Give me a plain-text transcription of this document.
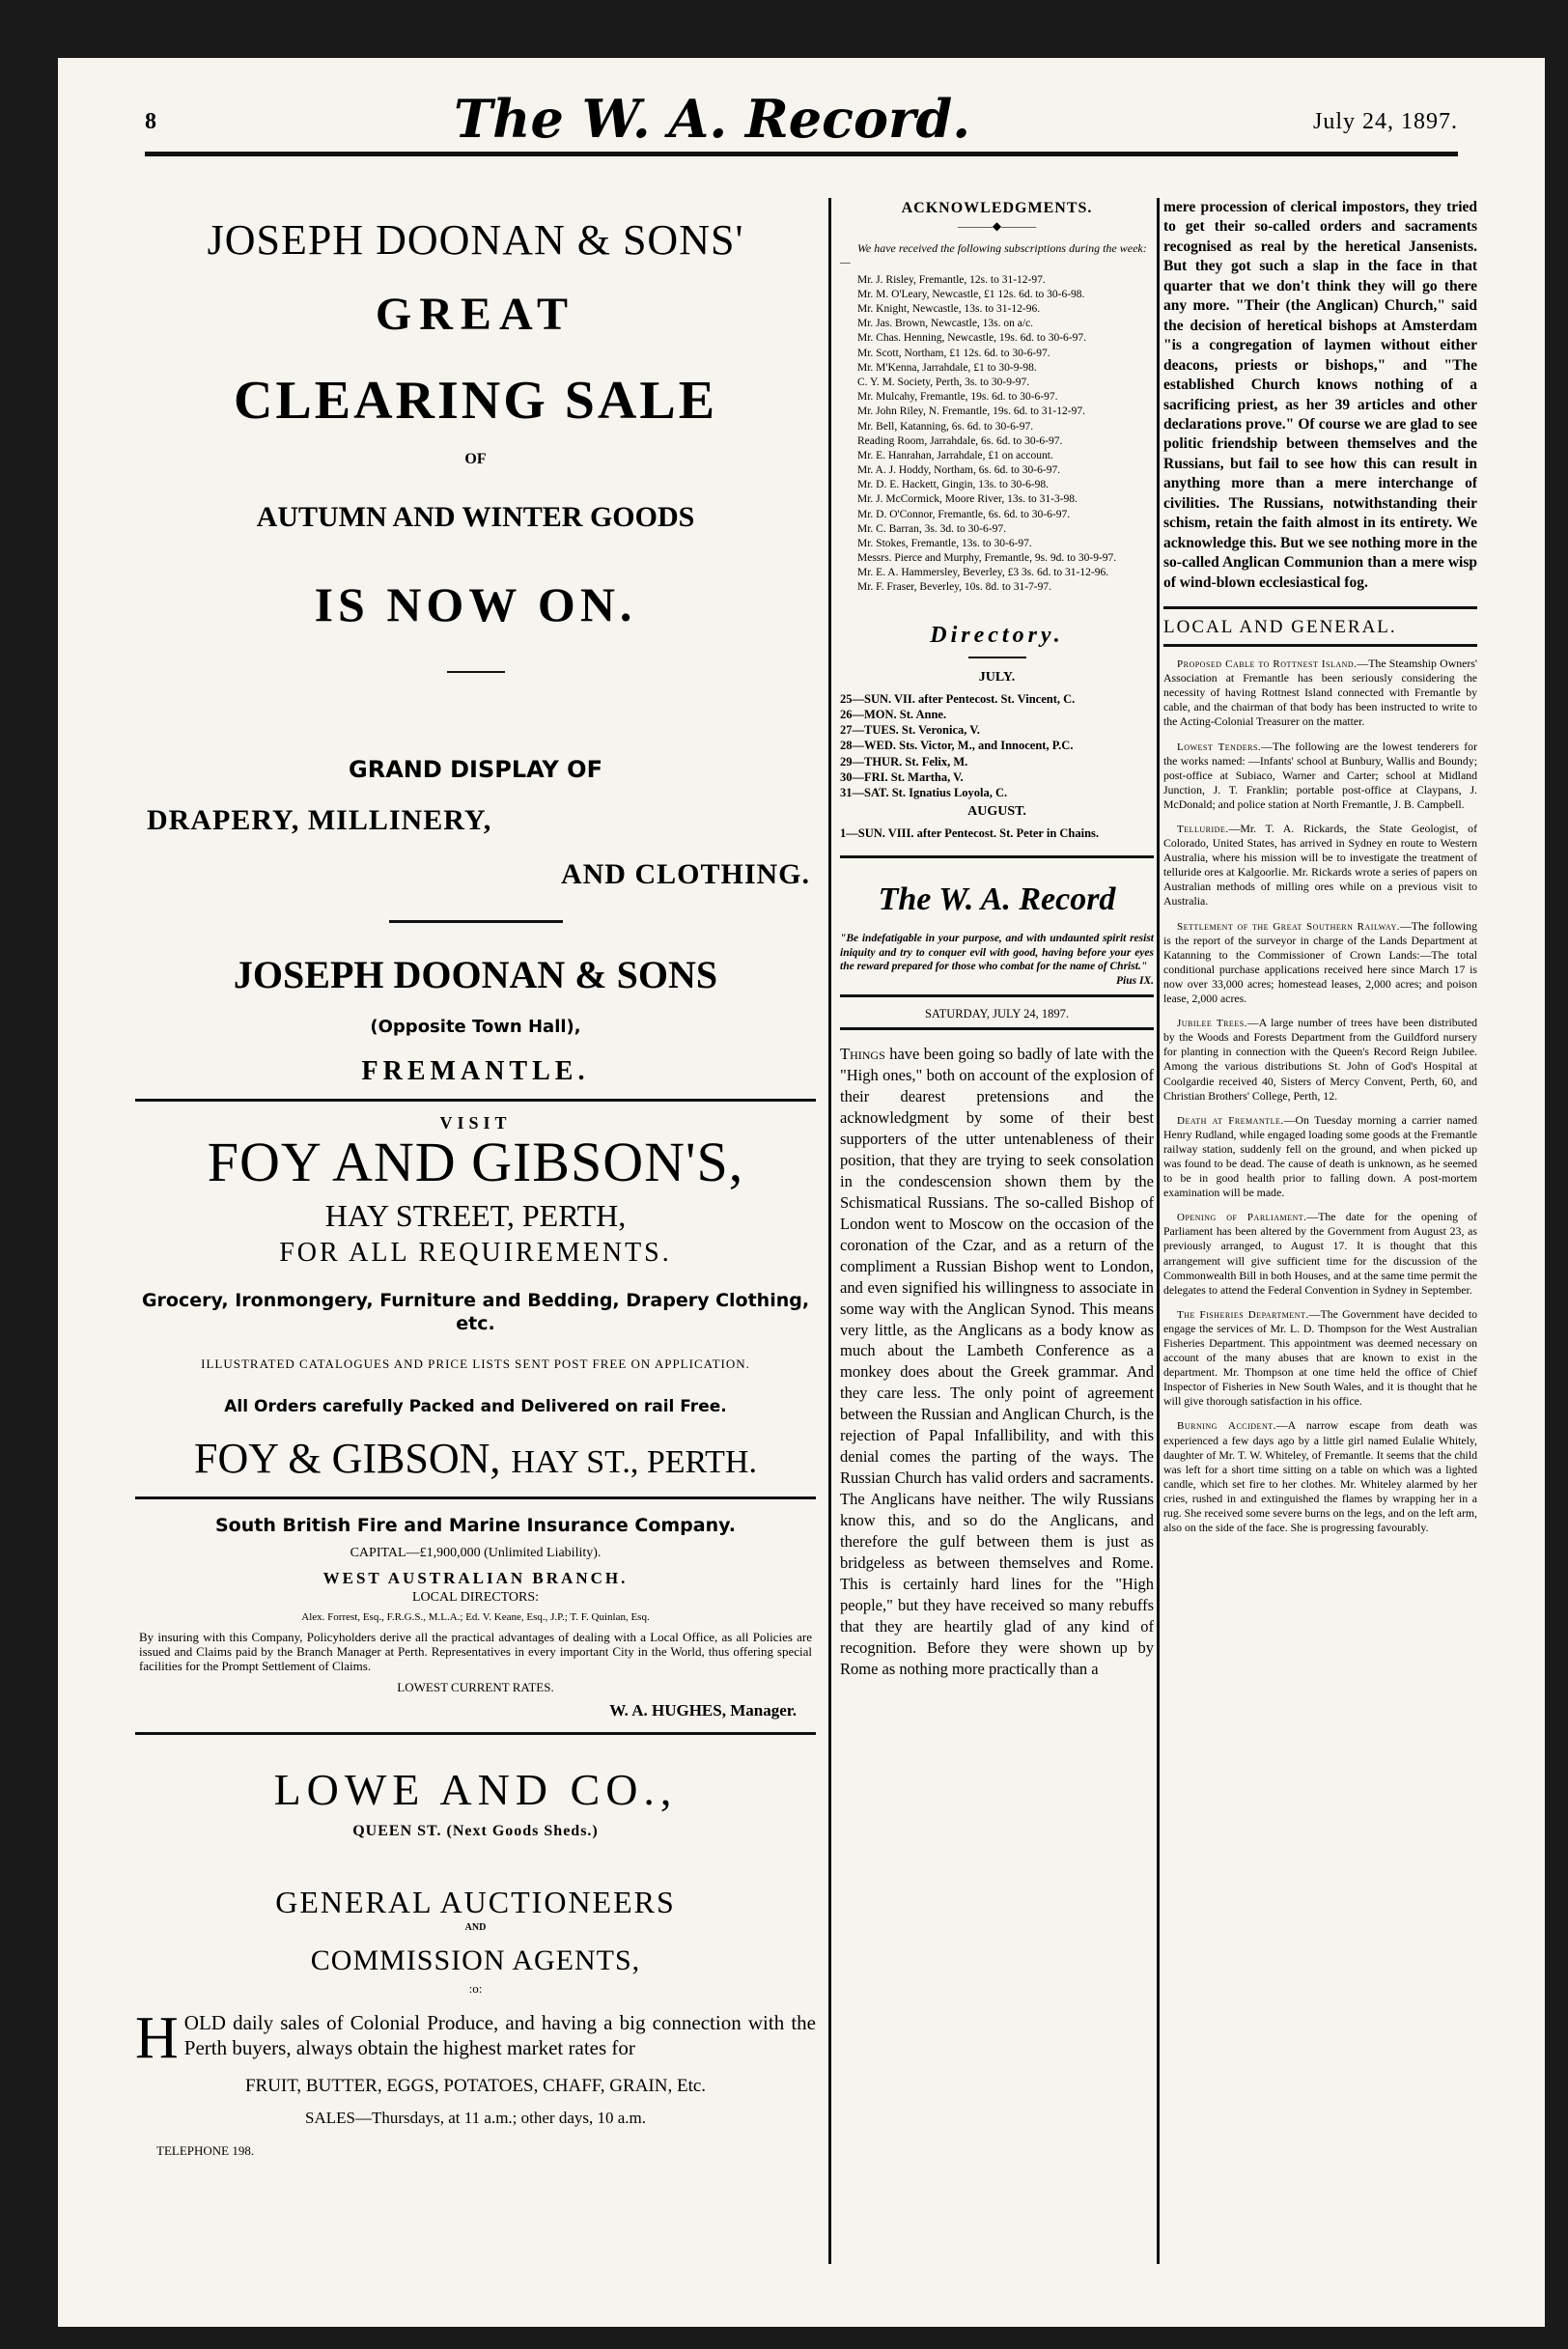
8	The W. A. Record.	July 24, 1897.
JOSEPH DOONAN & SONS'
GREAT
CLEARING SALE
OF
AUTUMN AND WINTER GOODS
IS NOW ON.
GRAND DISPLAY OF
DRAPERY, MILLINERY,
AND CLOTHING.
JOSEPH DOONAN & SONS
(Opposite Town Hall),
FREMANTLE.
VISIT
FOY AND GIBSON'S,
HAY STREET, PERTH,
FOR ALL REQUIREMENTS.
Grocery, Ironmongery, Furniture and Bedding, Drapery Clothing, etc.
ILLUSTRATED CATALOGUES AND PRICE LISTS SENT POST FREE ON APPLICATION.
All Orders carefully Packed and Delivered on rail Free.
FOY & GIBSON, HAY ST., PERTH.
South British Fire and Marine Insurance Company.
CAPITAL—£1,900,000 (Unlimited Liability).
WEST AUSTRALIAN BRANCH.
LOCAL DIRECTORS:
Alex. Forrest, Esq., F.R.G.S., M.L.A.; Ed. V. Keane, Esq., J.P.; T. F. Quinlan, Esq.
By insuring with this Company, Policyholders derive all the practical advantages of dealing with a Local Office, as all Policies are issued and Claims paid by the Branch Manager at Perth. Representatives in every important City in the World, thus offering special facilities for the Prompt Settlement of Claims.
LOWEST CURRENT RATES.
W. A. HUGHES, Manager.
LOWE AND CO.,
QUEEN ST. (Next Goods Sheds.)
GENERAL AUCTIONEERS
AND
COMMISSION AGENTS,
:o:
H OLD daily sales of Colonial Produce, and having a big connection with the Perth buyers, always obtain the highest market rates for
FRUIT, BUTTER, EGGS, POTATOES, CHAFF, GRAIN, Etc.
SALES—Thursdays, at 11 a.m.; other days, 10 a.m.
TELEPHONE 198.
ACKNOWLEDGMENTS.
———◆———
We have received the following subscriptions during the week:—
Mr. J. Risley, Fremantle, 12s. to 31-12-97.
Mr. M. O'Leary, Newcastle, £1 12s. 6d. to 30-6-98.
Mr. Knight, Newcastle, 13s. to 31-12-96.
Mr. Jas. Brown, Newcastle, 13s. on a/c.
Mr. Chas. Henning, Newcastle, 19s. 6d. to 30-6-97.
Mr. Scott, Northam, £1 12s. 6d. to 30-6-97.
Mr. M'Kenna, Jarrahdale, £1 to 30-9-98.
C. Y. M. Society, Perth, 3s. to 30-9-97.
Mr. Mulcahy, Fremantle, 19s. 6d. to 30-6-97.
Mr. John Riley, N. Fremantle, 19s. 6d. to 31-12-97.
Mr. Bell, Katanning, 6s. 6d. to 30-6-97.
Reading Room, Jarrahdale, 6s. 6d. to 30-6-97.
Mr. E. Hanrahan, Jarrahdale, £1 on account.
Mr. A. J. Hoddy, Northam, 6s. 6d. to 30-6-97.
Mr. D. E. Hackett, Gingin, 13s. to 30-6-98.
Mr. J. McCormick, Moore River, 13s. to 31-3-98.
Mr. D. O'Connor, Fremantle, 6s. 6d. to 30-6-97.
Mr. C. Barran, 3s. 3d. to 30-6-97.
Mr. Stokes, Fremantle, 13s. to 30-6-97.
Messrs. Pierce and Murphy, Fremantle, 9s. 9d. to 30-9-97.
Mr. E. A. Hammersley, Beverley, £3 3s. 6d. to 31-12-96.
Mr. F. Fraser, Beverley, 10s. 8d. to 31-7-97.
Directory.
JULY.
25—SUN. VII. after Pentecost. St. Vincent, C.
26—MON. St. Anne.
27—TUES. St. Veronica, V.
28—WED. Sts. Victor, M., and Innocent, P.C.
29—THUR. St. Felix, M.
30—FRI. St. Martha, V.
31—SAT. St. Ignatius Loyola, C.
AUGUST.
1—SUN. VIII. after Pentecost. St. Peter in Chains.
The W. A. Record
"Be indefatigable in your purpose, and with undaunted spirit resist iniquity and try to conquer evil with good, having before your eyes the reward prepared for those who combat for the name of Christ."
Pius IX.
SATURDAY, JULY 24, 1897.
Things have been going so badly of late with the "High ones," both on account of the explosion of their dearest pretensions and the acknowledgment by some of their best supporters of the utter untenableness of their position, that they are trying to seek consolation in the condescension shown them by the Schismatical Russians. The so-called Bishop of London went to Moscow on the occasion of the coronation of the Czar, and as a return of the compliment a Russian Bishop went to London, and even signified his willingness to associate in some way with the Anglican Synod. This means very little, as the Anglicans as a body know as much about the Lambeth Conference as a monkey does about the Greek grammar. And they care less. The only point of agreement between the Russian and Anglican Church, is the rejection of Papal Infallibility, and with this denial comes the parting of the ways. The Russian Church has valid orders and sacraments. The Anglicans have neither. The wily Russians know this, and so do the Anglicans, and therefore the gulf between them is just as bridgeless as between themselves and Rome. This is certainly hard lines for the "High people," but they have received so many rebuffs that they are heartily glad of any kind of recognition. Before they were shown up by Rome as nothing more practically than a
mere procession of clerical impostors, they tried to get their so-called orders and sacraments recognised as real by the heretical Jansenists. But they got such a slap in the face in that quarter that we don't think they will go there any more. "Their (the Anglican) Church," said the decision of heretical bishops at Amsterdam "is a congregation of laymen without either deacons, priests or bishops," and "The established Church knows nothing of a sacrificing priest, as her 39 articles and other declarations prove." Of course we are glad to see politic friendship between themselves and the Russians, but fail to see how this can result in anything more than a mere interchange of civilities. The Russians, notwithstanding their schism, retain the faith almost in its entirety. We acknowledge this. But we see nothing more in the so-called Anglican Communion than a mere wisp of wind-blown ecclesiastical fog.
LOCAL AND GENERAL.

Proposed Cable to Rottnest Island.—The Steamship Owners' Association at Fremantle has been seriously considering the necessity of having Rottnest Island connected with Fremantle by cable, and the chairman of that body has been instructed to write to the Acting-Colonial Treasurer on the matter.

Lowest Tenders.—The following are the lowest tenderers for the works named: —Infants' school at Bunbury, Wallis and Boundy; post-office at Subiaco, Warner and Carter; school at Midland Junction, J. T. Franklin; portable post-office at Claypans, J. McDonald; and police station at North Fremantle, J. B. Campbell.

Telluride.—Mr. T. A. Rickards, the State Geologist, of Colorado, United States, has arrived in Sydney en route to Western Australia, where his mission will be to investigate the treatment of telluride ores at Kalgoorlie. Mr. Rickards wrote a series of papers on Australian methods of milling ores while on a previous visit to Australia.

Settlement of the Great Southern Railway.—The following is the report of the surveyor in charge of the Lands Department at Katanning to the Commissioner of Crown Lands:—The total conditional purchase applications received here since March 17 is now over 33,000 acres; homestead leases, 2,000 acres; and poison lease, 2,000 acres.

Jubilee Trees.—A large number of trees have been distributed by the Woods and Forests Department from the Guildford nursery for planting in connection with the Queen's Record Reign Jubilee. Among the various distributions St. John of God's Hospital at Coolgardie received 40, Sisters of Mercy Convent, Perth, 60, and Christian Brothers' College, Perth, 12.

Death at Fremantle.—On Tuesday morning a carrier named Henry Rudland, while engaged loading some goods at the Fremantle railway station, suddenly fell on the ground, and when picked up was found to be dead. The cause of death is unknown, as he seemed to be in good health prior to falling down. A post-mortem examination will be made.

Opening of Parliament.—The date for the opening of Parliament has been altered by the Government from August 23, as previously arranged, to August 17. It is thought that this arrangement will give sufficient time for the discussion of the Commonwealth Bill in both Houses, and at the same time permit the delegates to attend the Federal Convention in Sydney in September.

The Fisheries Department.—The Government have decided to engage the services of Mr. L. D. Thompson for the West Australian Fisheries Department. This appointment was deemed necessary on account of the many abuses that are known to exist in the department. Mr. Thompson at one time held the office of Chief Inspector of Fisheries in New South Wales, and it is thought that he will give thorough satisfaction in his office.

Burning Accident.—A narrow escape from death was experienced a few days ago by a little girl named Eulalie Whitely, daughter of Mr. T. W. Whiteley, of Fremantle. It seems that the child was left for a short time sitting on a table on which was a lighted candle, which set fire to her clothes. Mr. Whiteley alarmed by her cries, rushed in and extinguished the flames by wrapping her in a rug. She received some severe burns on the legs, and on the left arm, also on the side of the face. She is progressing favourably.
